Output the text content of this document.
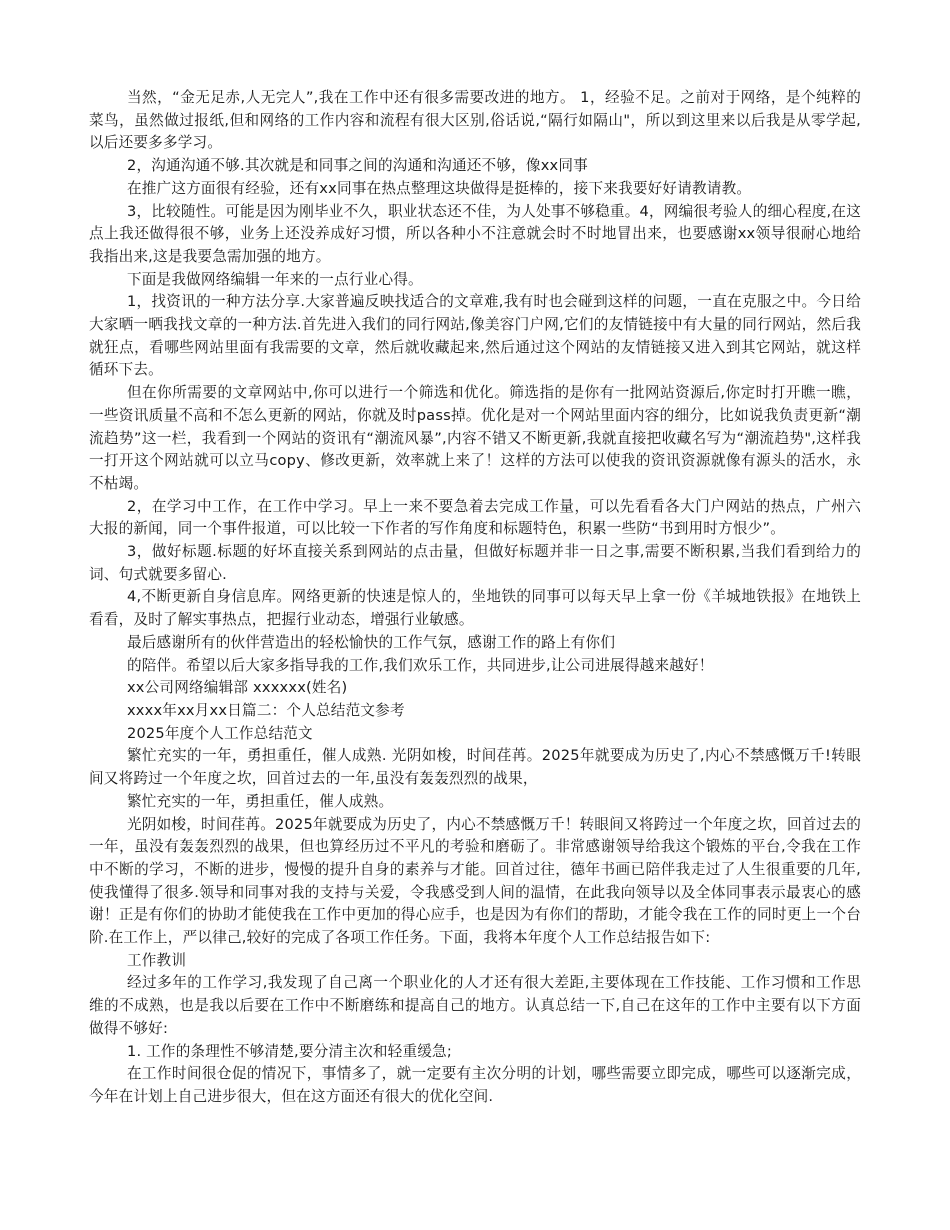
当然，“金无足赤,人无完人”,我在工作中还有很多需要改进的地方。 1，经验不足。之前对于网络，是个纯粹的菜鸟，虽然做过报纸,但和网络的工作内容和流程有很大区别,俗话说,“隔行如隔山"，所以到这里来以后我是从零学起,以后还要多多学习。

2，沟通沟通不够.其次就是和同事之间的沟通和沟通还不够，像xx同事

在推广这方面很有经验，还有xx同事在热点整理这块做得是挺棒的，接下来我要好好请教请教。

3，比较随性。可能是因为刚毕业不久，职业状态还不佳，为人处事不够稳重。4，网编很考验人的细心程度,在这点上我还做得很不够，业务上还没养成好习惯，所以各种小不注意就会时不时地冒出来，也要感谢xx领导很耐心地给我指出来,这是我要急需加强的地方。

下面是我做网络编辑一年来的一点行业心得。

1，找资讯的一种方法分享.大家普遍反映找适合的文章难,我有时也会碰到这样的问题，一直在克服之中。今日给大家晒一晒我找文章的一种方法.首先进入我们的同行网站,像美容门户网,它们的友情链接中有大量的同行网站，然后我就狂点，看哪些网站里面有我需要的文章，然后就收藏起来,然后通过这个网站的友情链接又进入到其它网站，就这样循环下去。

但在你所需要的文章网站中,你可以进行一个筛选和优化。筛选指的是你有一批网站资源后,你定时打开瞧一瞧，一些资讯质量不高和不怎么更新的网站，你就及时pass掉。优化是对一个网站里面内容的细分，比如说我负责更新“潮流趋势”这一栏，我看到一个网站的资讯有“潮流风暴”,内容不错又不断更新,我就直接把收藏名写为“潮流趋势",这样我一打开这个网站就可以立马copy、修改更新，效率就上来了！这样的方法可以使我的资讯资源就像有源头的活水，永不枯竭。

2，在学习中工作，在工作中学习。早上一来不要急着去完成工作量，可以先看看各大门户网站的热点，广州六大报的新闻，同一个事件报道，可以比较一下作者的写作角度和标题特色，积累一些防“书到用时方恨少”。

3，做好标题.标题的好坏直接关系到网站的点击量，但做好标题并非一日之事,需要不断积累,当我们看到给力的词、句式就要多留心.

4,不断更新自身信息库。网络更新的快速是惊人的，坐地铁的同事可以每天早上拿一份《羊城地铁报》在地铁上看看，及时了解实事热点，把握行业动态，增强行业敏感。

最后感谢所有的伙伴营造出的轻松愉快的工作气氛，感谢工作的路上有你们

的陪伴。希望以后大家多指导我的工作,我们欢乐工作，共同进步,让公司进展得越来越好！

xx公司网络编辑部 xxxxxx(姓名)

xxxx年xx月xx日篇二：个人总结范文参考

2025年度个人工作总结范文

繁忙充实的一年，勇担重任，催人成熟. 光阴如梭，时间荏苒。2025年就要成为历史了,内心不禁感慨万千!转眼间又将跨过一个年度之坎，回首过去的一年,虽没有轰轰烈烈的战果，

繁忙充实的一年，勇担重任，催人成熟。

光阴如梭，时间荏苒。2025年就要成为历史了，内心不禁感慨万千！转眼间又将跨过一个年度之坎，回首过去的一年，虽没有轰轰烈烈的战果，但也算经历过不平凡的考验和磨砺了。非常感谢领导给我这个锻炼的平台,令我在工作中不断的学习，不断的进步，慢慢的提升自身的素养与才能。回首过往，德年书画已陪伴我走过了人生很重要的几年,使我懂得了很多.领导和同事对我的支持与关爱，令我感受到人间的温情，在此我向领导以及全体同事表示最衷心的感谢！正是有你们的协助才能使我在工作中更加的得心应手，也是因为有你们的帮助，才能令我在工作的同时更上一个台阶.在工作上，严以律己,较好的完成了各项工作任务。下面，我将本年度个人工作总结报告如下:

工作教训

经过多年的工作学习,我发现了自己离一个职业化的人才还有很大差距,主要体现在工作技能、工作习惯和工作思维的不成熟，也是我以后要在工作中不断磨练和提高自己的地方。认真总结一下,自己在这年的工作中主要有以下方面做得不够好:

1. 工作的条理性不够清楚,要分清主次和轻重缓急;

在工作时间很仓促的情况下，事情多了，就一定要有主次分明的计划，哪些需要立即完成，哪些可以逐渐完成，今年在计划上自己进步很大，但在这方面还有很大的优化空间.
